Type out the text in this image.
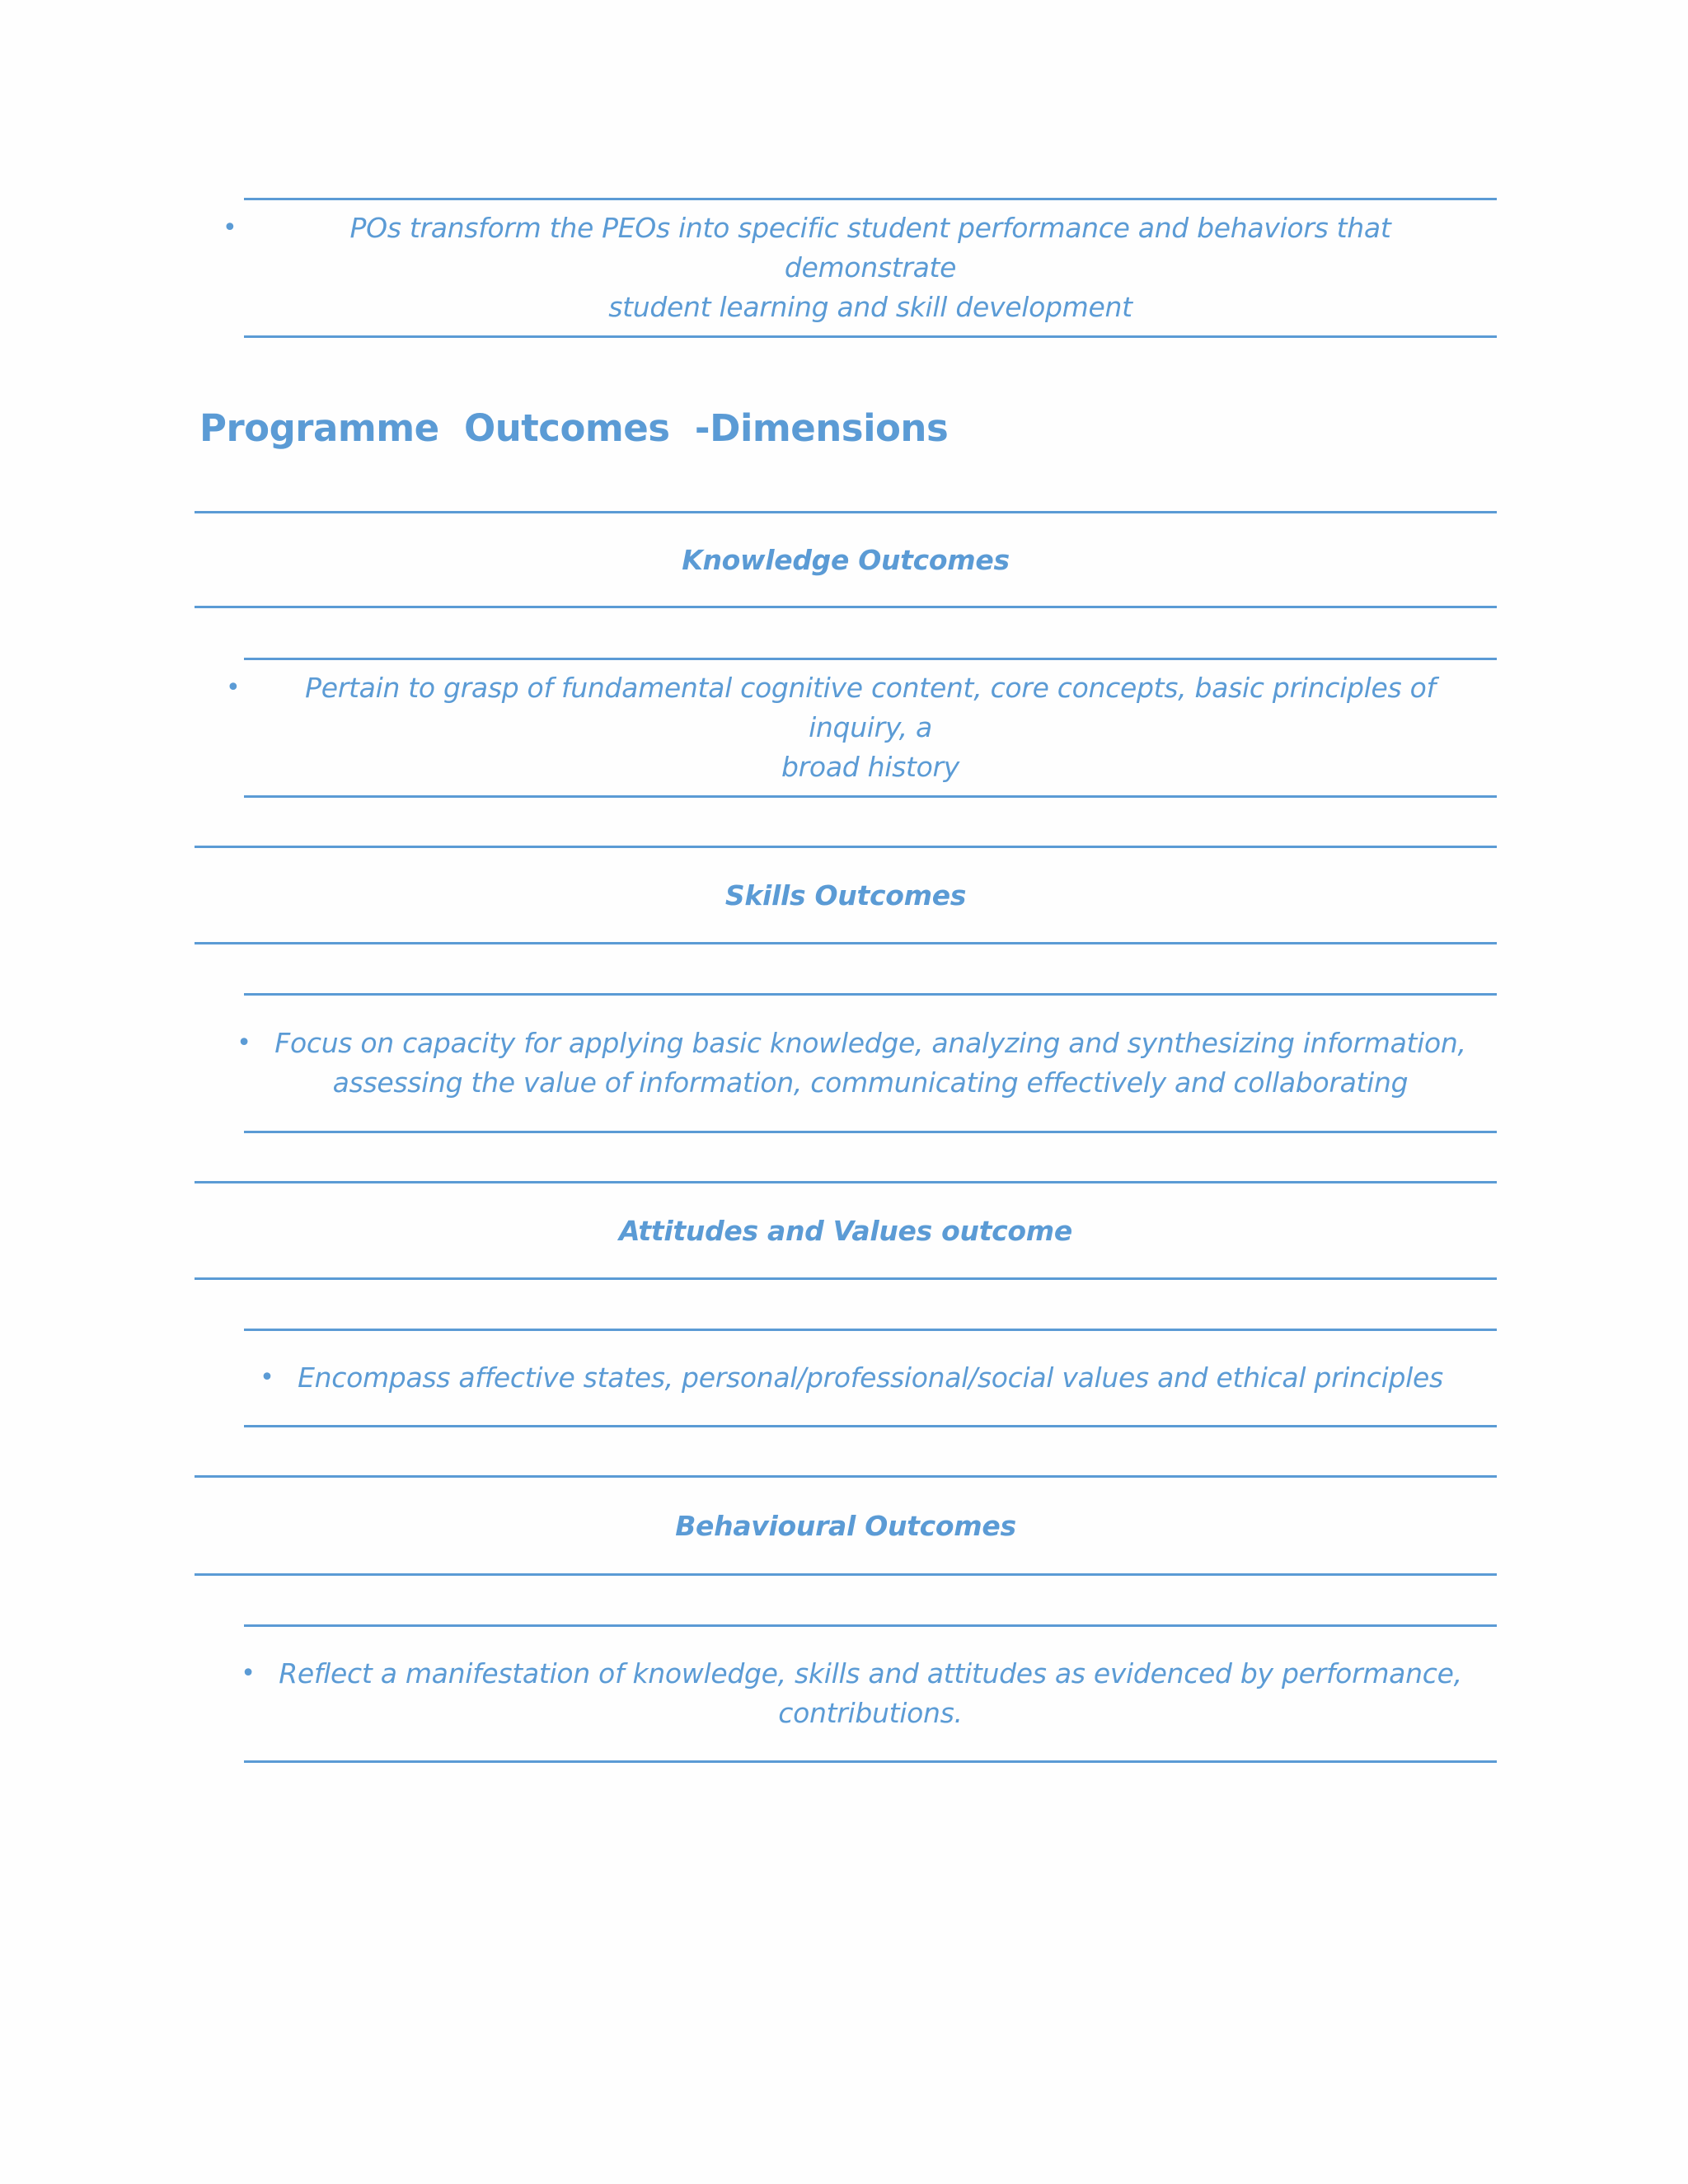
•	POs transform the PEOs into specific student performance and behaviors that demonstrate
student learning and skill development
Programme  Outcomes  -Dimensions
Knowledge Outcomes
•	Pertain to grasp of fundamental cognitive content, core concepts, basic principles of inquiry, a
broad history
Skills Outcomes
• Focus on capacity for applying basic knowledge, analyzing and synthesizing information,
assessing the value of information, communicating effectively and collaborating
Attitudes and Values outcome
• Encompass affective states, personal/professional/social values and ethical principles
Behavioural Outcomes
• Reflect a manifestation of knowledge, skills and attitudes as evidenced by performance,
contributions.
